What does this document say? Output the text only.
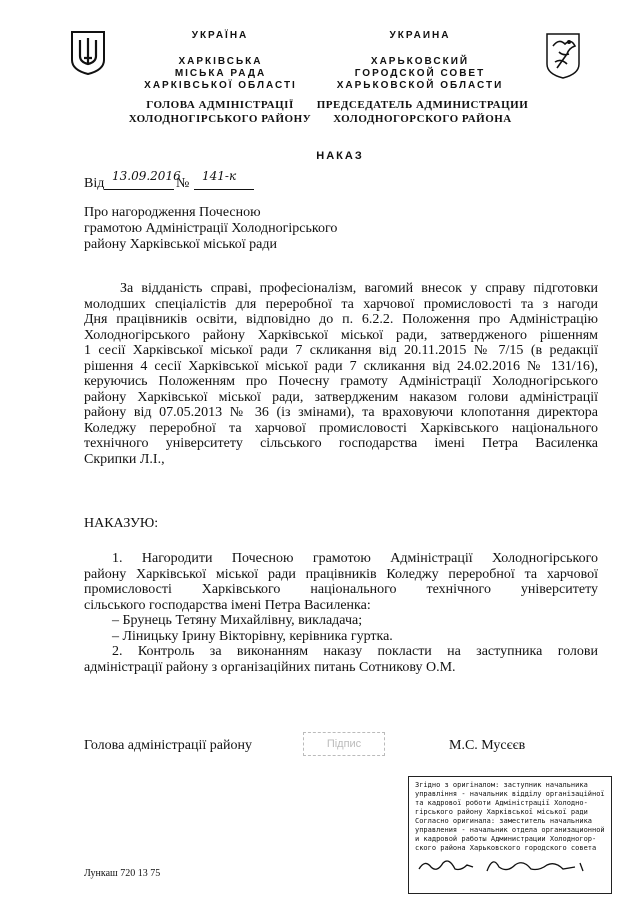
УКРАЇНА
ХАРКІВСЬКА
МІСЬКА РАДА
ХАРКІВСЬКОЇ ОБЛАСТІ
ГОЛОВА АДМІНІСТРАЦІЇ
ХОЛОДНОГІРСЬКОГО РАЙОНУ
УКРАИНА
ХАРЬКОВСКИЙ
ГОРОДСКОЙ СОВЕТ
ХАРЬКОВСКОЙ ОБЛАСТИ
ПРЕДСЕДАТЕЛЬ АДМИНИСТРАЦИИ
ХОЛОДНОГОРСКОГО РАЙОНА
НАКАЗ
Від 13.09.2016
№ 141-к
Про нагородження Почесною
грамотою Адміністрації Холодногірського
району Харківської міської ради
За відданість справі, професіоналізм, вагомий внесок у справу підготовки
молодших спеціалістів для переробної та харчової промисловості та з нагоди
Дня працівників освіти, відповідно до п. 6.2.2. Положення про Адміністрацію
Холодногірського району Харківської міської ради, затвердженого рішенням
1 сесії Харківської міської ради 7 скликання від 20.11.2015 № 7/15 (в редакції
рішення 4 сесії Харківської міської ради 7 скликання від 24.02.2016 № 131/16),
керуючись Положенням про Почесну грамоту Адміністрації Холодногірського
району Харківської міської ради, затвердженим наказом голови адміністрації
району від 07.05.2013 № 36 (із змінами), та враховуючи клопотання директора
Коледжу переробної та харчової промисловості Харківського національного
технічного університету сільського господарства імені Петра Василенка
Скрипки Л.І.,
НАКАЗУЮ:
1. Нагородити Почесною грамотою Адміністрації Холодногірського
району Харківської міської ради працівників Коледжу переробної та харчової
промисловості Харківського національного технічного університету
сільського господарства імені Петра Василенка:
– Брунець Тетяну Михайлівну, викладача;
– Ліницьку Ірину Вікторівну, керівника гуртка.
2. Контроль за виконанням наказу покласти на заступника голови
адміністрації району з організаційних питань Сотникову О.М.
Голова адміністрації району	Підпис	М.С. Мусєєв
Лункаш 720 13 75
Згідно з оригіналом: заступник начальника
управління - начальник відділу організаційної
та кадрової роботи Адміністрації Холодно-
гірського району Харківської міської ради
Согласно оригинала: заместитель начальника
управления - начальник отдела организационной
и кадровой работы Администрации Холодногор-
ского района Харьковского городского совета
